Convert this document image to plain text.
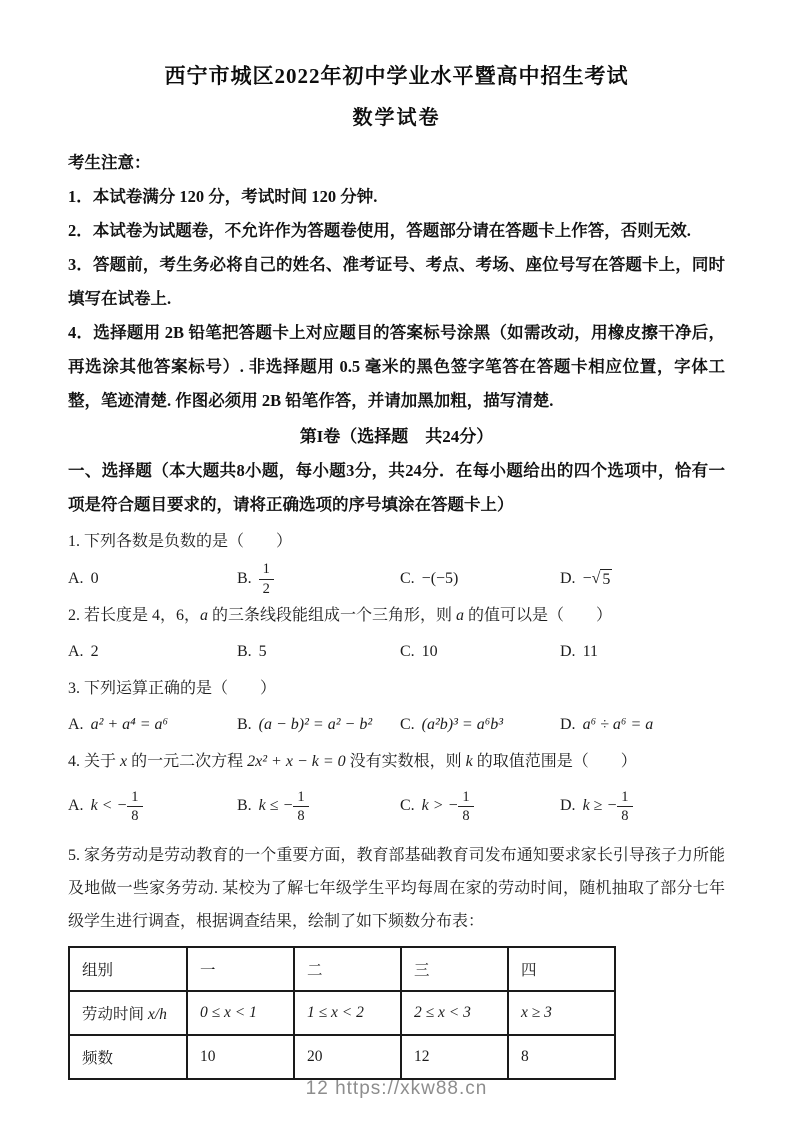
西宁市城区2022年初中学业水平暨高中招生考试
数学试卷

考生注意：

1．本试卷满分 120 分，考试时间 120 分钟.

2．本试卷为试题卷，不允许作为答题卷使用，答题部分请在答题卡上作答，否则无效.

3．答题前，考生务必将自己的姓名、准考证号、考点、考场、座位号写在答题卡上，同时填写在试卷上.

4．选择题用 2B 铅笔把答题卡上对应题目的答案标号涂黑（如需改动，用橡皮擦干净后，再选涂其他答案标号）. 非选择题用 0.5 毫米的黑色签字笔答在答题卡相应位置，字体工整，笔迹清楚. 作图必须用 2B 铅笔作答，并请加黑加粗，描写清楚.

第I卷（选择题　共24分）

一、选择题（本大题共8小题，每小题3分，共24分．在每小题给出的四个选项中，恰有一项是符合题目要求的，请将正确选项的序号填涂在答题卡上）

1. 下列各数是负数的是（　　）

A. 0	B. $\frac{1}{2}$	C. −(−5)	D. −√ 5

2. 若长度是 4，6，a 的三条线段能组成一个三角形，则 a 的值可以是（　　）

A. 2	B. 5	C. 10	D. 11

3. 下列运算正确的是（　　）

A. a² + a⁴ = a⁶	B. (a − b)² = a² − b² C. (a²b)³ = a⁶b³	D. a⁶ ÷ a⁶ = a

4. 关于 x 的一元二次方程 2x² + x − k = 0 没有实数根，则 k 的取值范围是（　　）

A. k < − $\frac{1}{8}$	B. k ≤ − $\frac{1}{8}$	C. k > − $\frac{1}{8}$	D. k ≥ − $\frac{1}{8}$

5. 家务劳动是劳动教育的一个重要方面，教育部基础教育司发布通知要求家长引导孩子力所能及地做一些家务劳动. 某校为了解七年级学生平均每周在家的劳动时间，随机抽取了部分七年级学生进行调查，根据调查结果，绘制了如下频数分布表：

组别	一	二	三	四
劳动时间 x/h	0 ≤ x < 1	1 ≤ x < 2	2 ≤ x < 3	x ≥ 3
频数	10	20	12	8
12 https://xkw88.cn
